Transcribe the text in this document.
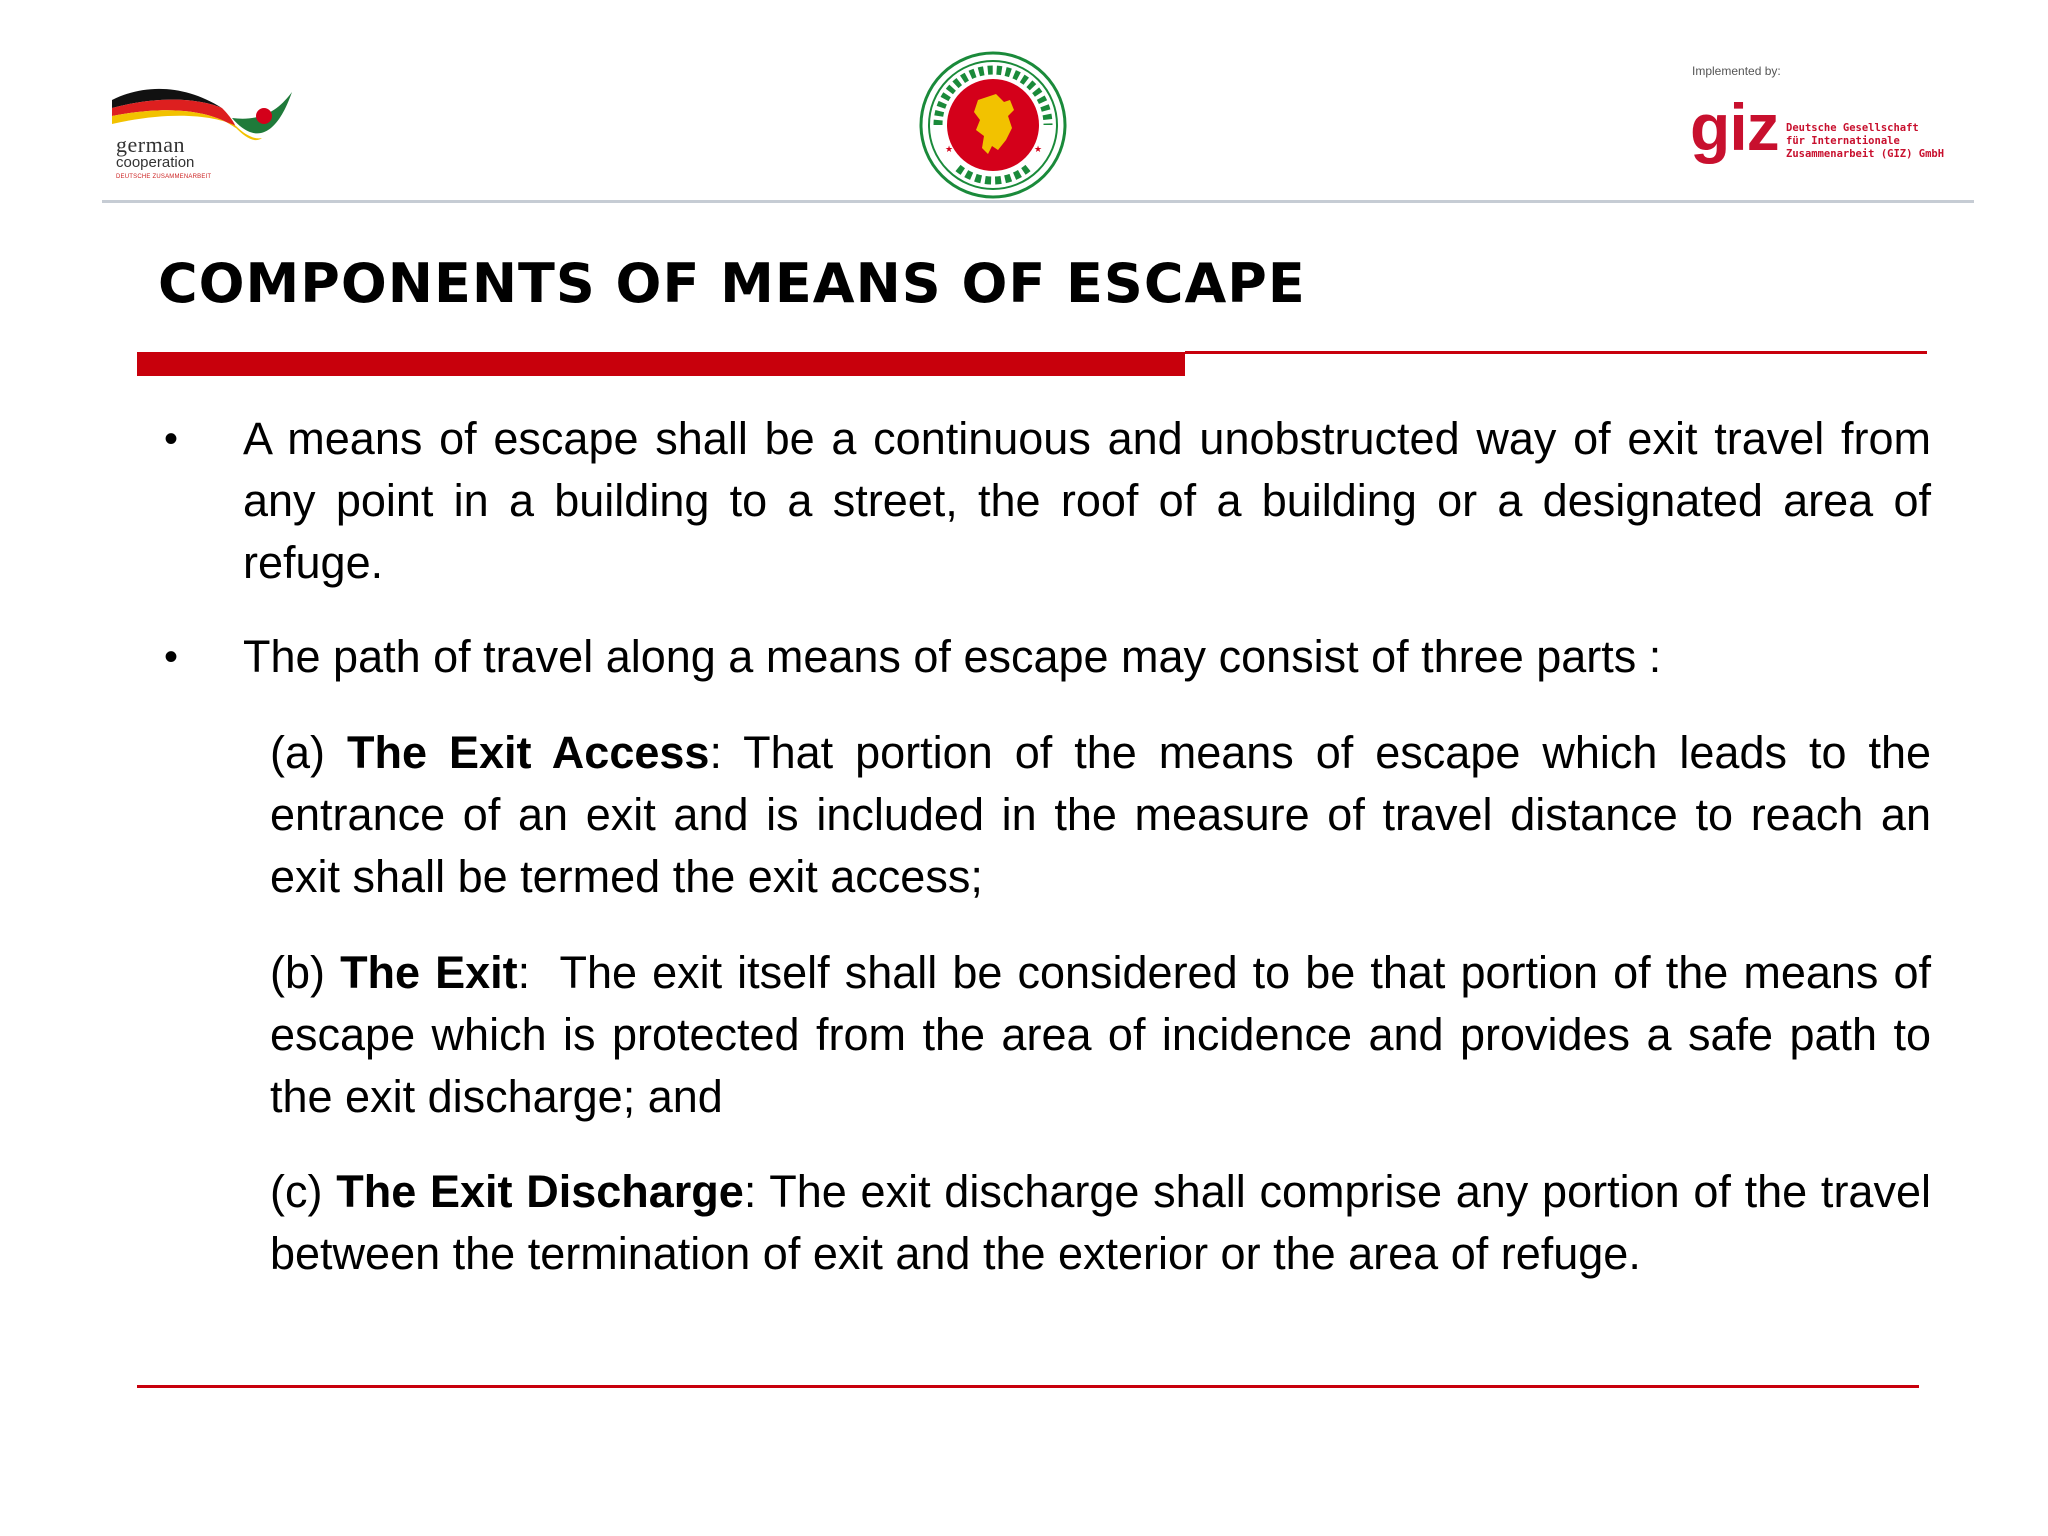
german
cooperation
DEUTSCHE ZUSAMMENARBEIT
★	★
Implemented by:
giz Deutsche Gesellschaft
für Internationale
Zusammenarbeit (GIZ) GmbH
COMPONENTS OF MEANS OF ESCAPE
•	A means of escape shall be a continuous and unobstructed way of exit travel from any point in a building to a street, the roof of a building or a designated area of refuge.

•	The path of travel along a means of escape may consist of three parts :

(a) The Exit Access: That portion of the means of escape which leads to the entrance of an exit and is included in the measure of travel distance to reach an exit shall be termed the exit access;

(b) The Exit:  The exit itself shall be considered to be that portion of the means of escape which is protected from the area of incidence and provides a safe path to the exit discharge; and

(c) The Exit Discharge: The exit discharge shall comprise any portion of the travel between the termination of exit and the exterior or the area of refuge.
